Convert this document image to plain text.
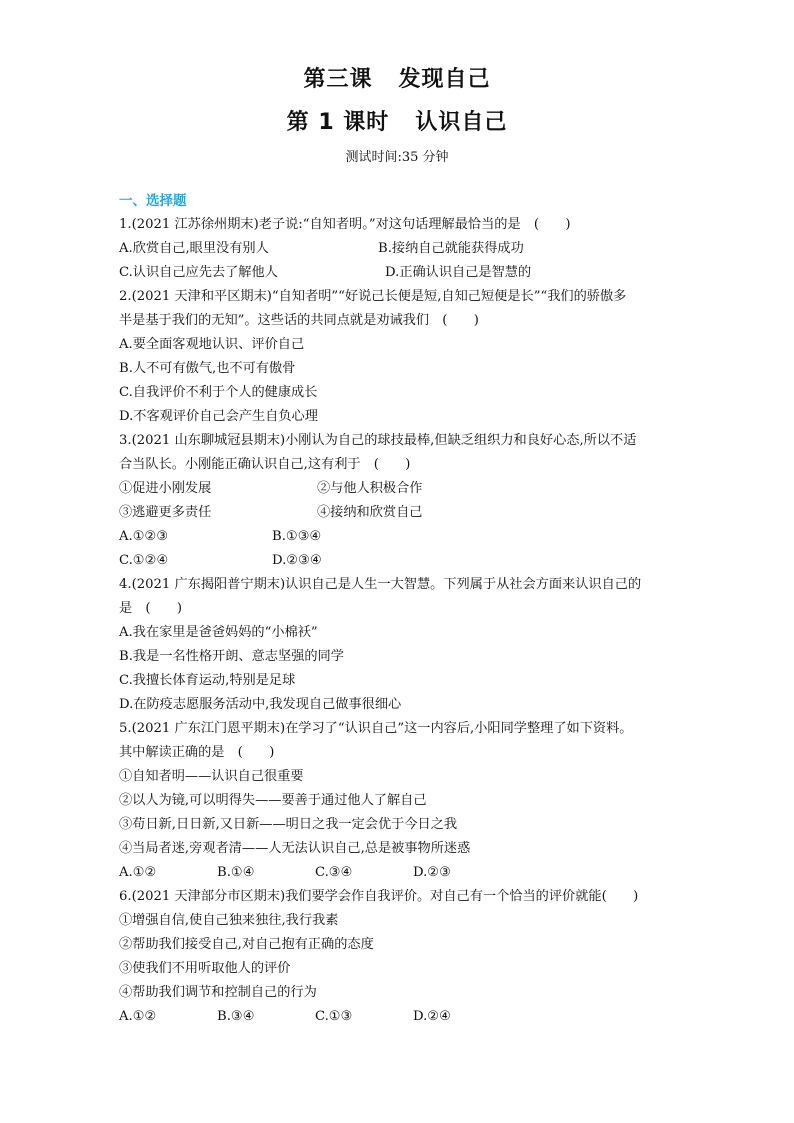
第三课 发现自己
第 1 课时 认识自己
测试时间:35 分钟
一、选择题
1.(2021 江苏徐州期末)老子说:“自知者明。”对这句话理解最恰当的是　(　　)
A.欣赏自己,眼里没有别人	B.接纳自己就能获得成功
C.认识自己应先去了解他人	D.正确认识自己是智慧的
2.(2021 天津和平区期末)“自知者明”“好说己长便是短,自知己短便是长”“我们的骄傲多
半是基于我们的无知”。这些话的共同点就是劝诫我们　(　　)
A.要全面客观地认识、评价自己
B.人不可有傲气,也不可有傲骨
C.自我评价不利于个人的健康成长
D.不客观评价自己会产生自负心理
3.(2021 山东聊城冠县期末)小刚认为自己的球技最棒,但缺乏组织力和良好心态,所以不适
合当队长。小刚能正确认识自己,这有利于　(　　)
①促进小刚发展	②与他人积极合作
③逃避更多责任	④接纳和欣赏自己
A.①②③	B.①③④
C.①②④	D.②③④
4.(2021 广东揭阳普宁期末)认识自己是人生一大智慧。下列属于从社会方面来认识自己的
是　(　　)
A.我在家里是爸爸妈妈的“小棉袄”
B.我是一名性格开朗、意志坚强的同学
C.我擅长体育运动,特别是足球
D.在防疫志愿服务活动中,我发现自己做事很细心
5.(2021 广东江门恩平期末)在学习了“认识自己”这一内容后,小阳同学整理了如下资料。
其中解读正确的是　(　　)
①自知者明——认识自己很重要
②以人为镜,可以明得失——要善于通过他人了解自己
③苟日新,日日新,又日新——明日之我一定会优于今日之我
④当局者迷,旁观者清——人无法认识自己,总是被事物所迷惑
A.①②	B.①④	C.③④	D.②③
6.(2021 天津部分市区期末)我们要学会作自我评价。对自己有一个恰当的评价就能(　　)
①增强自信,使自己独来独往,我行我素
②帮助我们接受自己,对自己抱有正确的态度
③使我们不用听取他人的评价
④帮助我们调节和控制自己的行为
A.①②	B.③④	C.①③	D.②④
